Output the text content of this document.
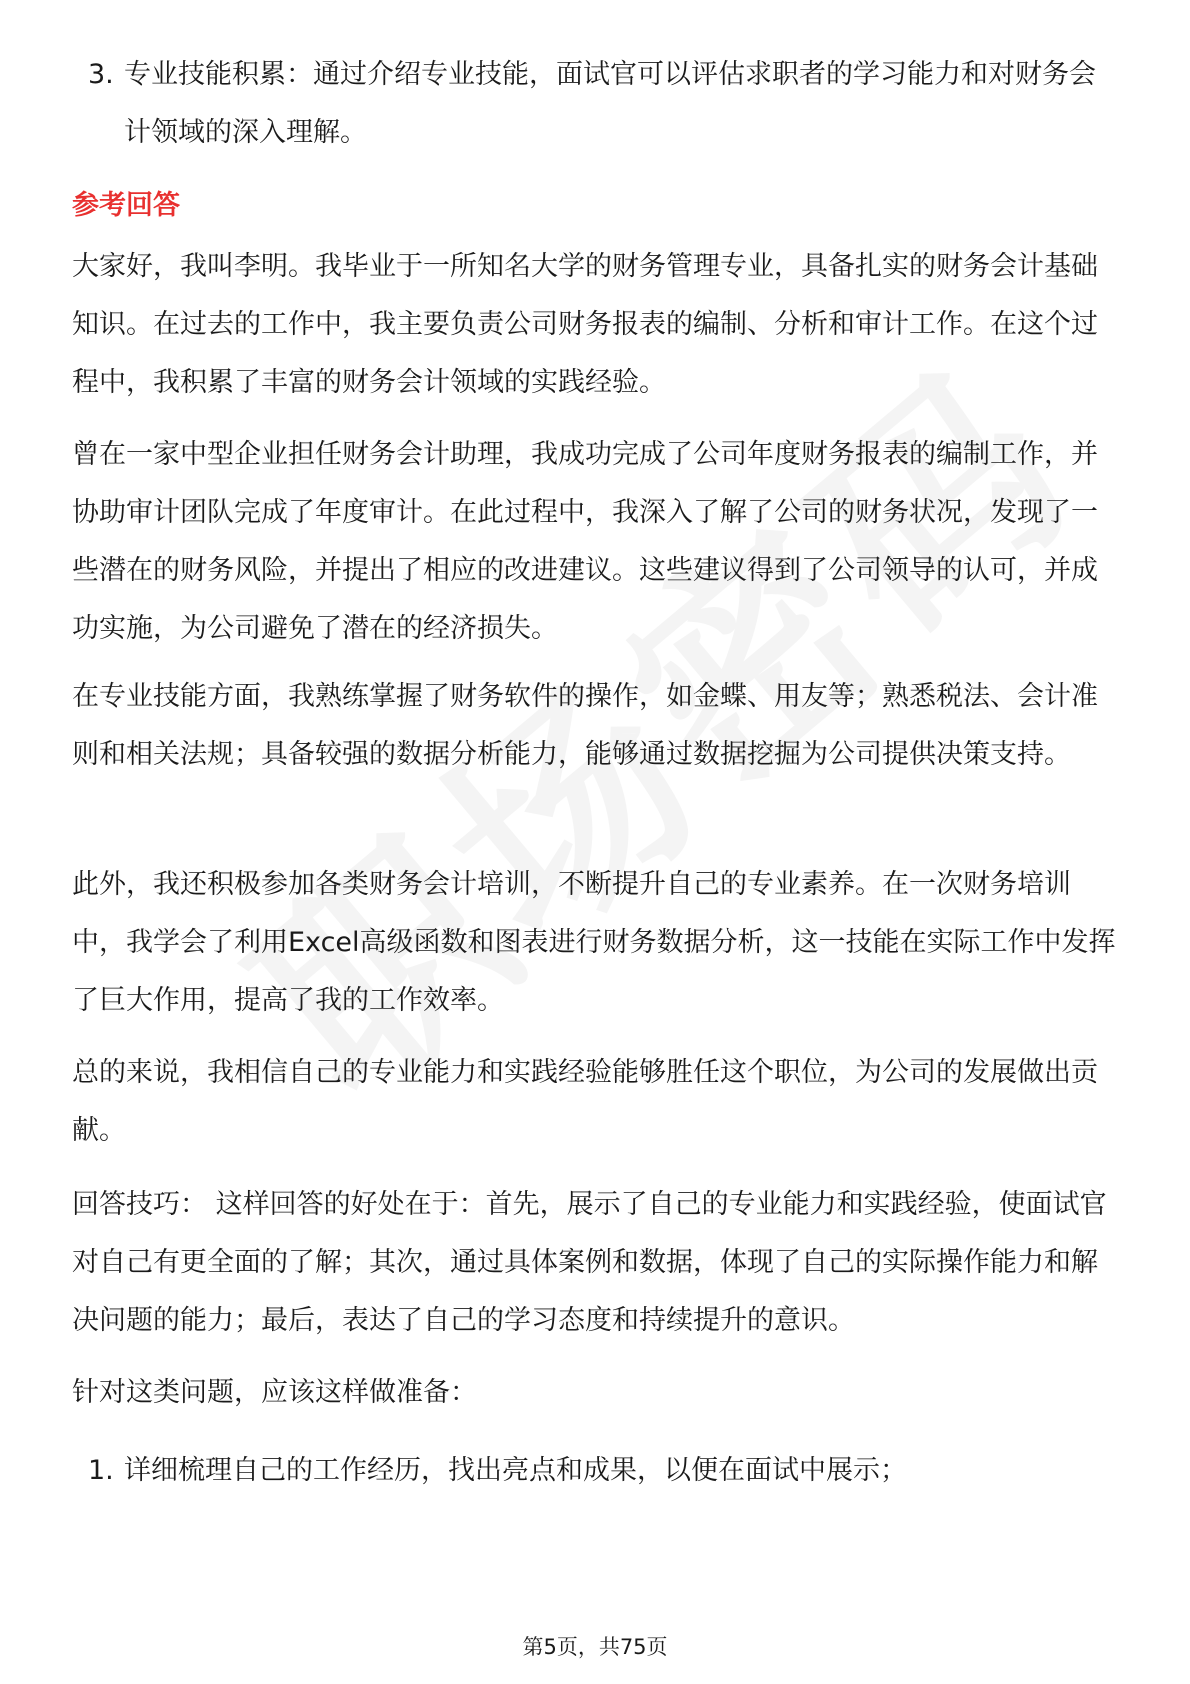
3. 专业技能积累：通过介绍专业技能，面试官可以评估求职者的学习能力和对财务会计领域的深入理解。
参考回答

大家好，我叫李明。我毕业于一所知名大学的财务管理专业，具备扎实的财务会计基础知识。在过去的工作中，我主要负责公司财务报表的编制、分析和审计工作。在这个过程中，我积累了丰富的财务会计领域的实践经验。

曾在一家中型企业担任财务会计助理，我成功完成了公司年度财务报表的编制工作，并协助审计团队完成了年度审计。在此过程中，我深入了解了公司的财务状况，发现了一些潜在的财务风险，并提出了相应的改进建议。这些建议得到了公司领导的认可，并成功实施，为公司避免了潜在的经济损失。

在专业技能方面，我熟练掌握了财务软件的操作，如金蝶、用友等；熟悉税法、会计准则和相关法规；具备较强的数据分析能力，能够通过数据挖掘为公司提供决策支持。

此外，我还积极参加各类财务会计培训，不断提升自己的专业素养。在一次财务培训中，我学会了利用Excel高级函数和图表进行财务数据分析，这一技能在实际工作中发挥了巨大作用，提高了我的工作效率。

总的来说，我相信自己的专业能力和实践经验能够胜任这个职位，为公司的发展做出贡献。

回答技巧： 这样回答的好处在于：首先，展示了自己的专业能力和实践经验，使面试官对自己有更全面的了解；其次，通过具体案例和数据，体现了自己的实际操作能力和解决问题的能力；最后，表达了自己的学习态度和持续提升的意识。

针对这类问题，应该这样做准备：

1. 详细梳理自己的工作经历，找出亮点和成果，以便在面试中展示；
第5页，共75页
